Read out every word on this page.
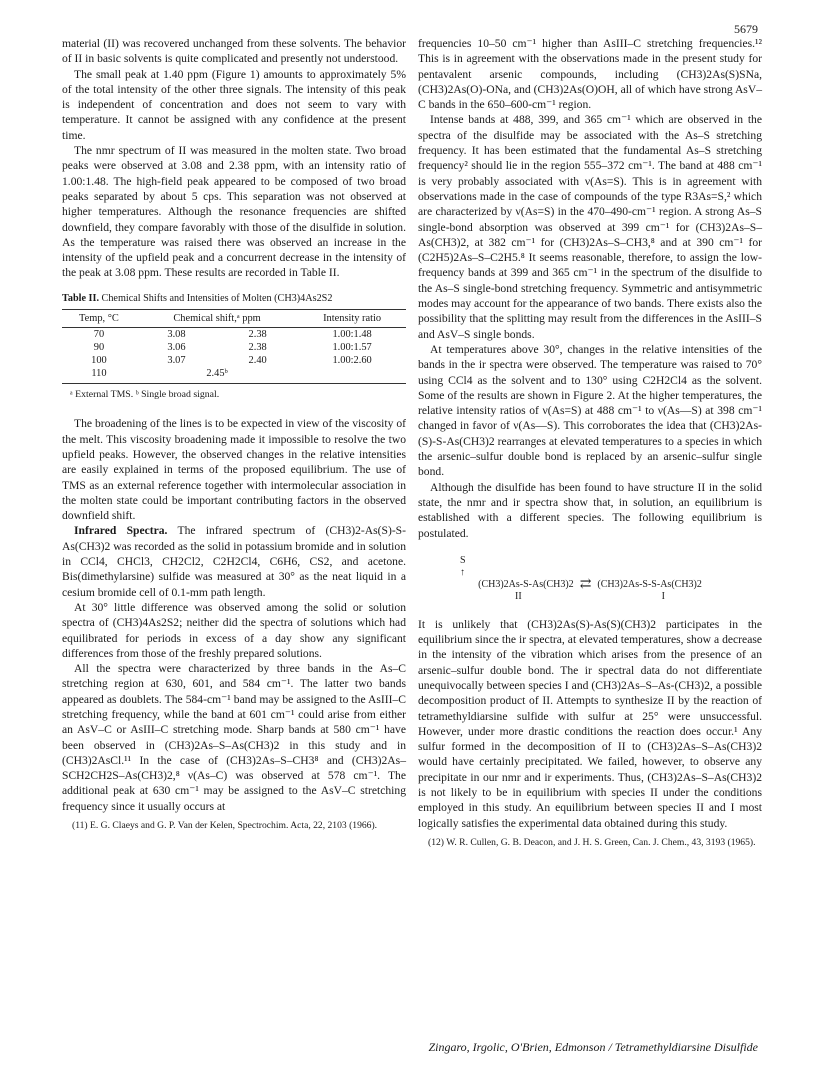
5679

material (II) was recovered unchanged from these solvents. The behavior of II in basic solvents is quite complicated and presently not understood.

The small peak at 1.40 ppm (Figure 1) amounts to approximately 5% of the total intensity of the other three signals. The intensity of this peak is independent of concentration and does not seem to vary with temperature. It cannot be assigned with any confidence at the present time.

The nmr spectrum of II was measured in the molten state. Two broad peaks were observed at 3.08 and 2.38 ppm, with an intensity ratio of 1.00:1.48. The high-field peak appeared to be composed of two broad peaks separated by about 5 cps. This separation was not observed at higher temperatures. Although the resonance frequencies are shifted downfield, they compare favorably with those of the disulfide in solution. As the temperature was raised there was observed an increase in the intensity of the upfield peak and a concurrent decrease in the intensity of the peak at 3.08 ppm. These results are recorded in Table II.

Table II. Chemical Shifts and Intensities of Molten (CH3)4As2S2
Temp, °C	Chemical shift,ᵃ ppm		Intensity ratio
70	3.08	2.38	1.00:1.48
90	3.06	2.38	1.00:1.57
100	3.07	2.40	1.00:2.60
110	2.45ᵇ		
ᵃ External TMS. ᵇ Single broad signal.

The broadening of the lines is to be expected in view of the viscosity of the melt. This viscosity broadening made it impossible to resolve the two upfield peaks. However, the observed changes in the relative intensities are easily explained in terms of the proposed equilibrium. The use of TMS as an external reference together with intermolecular association in the molten state could be important contributing factors in the observed downfield shift.

Infrared Spectra. The infrared spectrum of (CH3)2-As(S)-S-As(CH3)2 was recorded as the solid in potassium bromide and in solution in CCl4, CHCl3, CH2Cl2, C2H2Cl4, C6H6, CS2, and acetone. Bis(dimethylarsine) sulfide was measured at 30° as the neat liquid in a cesium bromide cell of 0.1-mm path length.

At 30° little difference was observed among the solid or solution spectra of (CH3)4As2S2; neither did the spectra of solutions which had equilibrated for periods in excess of a day show any significant differences from those of the freshly prepared solutions.

All the spectra were characterized by three bands in the As–C stretching region at 630, 601, and 584 cm⁻¹. The latter two bands appeared as doublets. The 584-cm⁻¹ band may be assigned to the AsIII–C stretching frequency, while the band at 601 cm⁻¹ could arise from either an AsV–C or AsIII–C stretching mode. Sharp bands at 580 cm⁻¹ have been observed in (CH3)2As–S–As(CH3)2 in this study and in (CH3)2AsCl.¹¹ In the case of (CH3)2As–S–CH3⁸ and (CH3)2As–SCH2CH2S–As(CH3)2,⁸ ν(As–C) was observed at 578 cm⁻¹. The additional peak at 630 cm⁻¹ may be assigned to the AsV–C stretching frequency since it usually occurs at

(11) E. G. Claeys and G. P. Van der Kelen, Spectrochim. Acta, 22, 2103 (1966).

frequencies 10–50 cm⁻¹ higher than AsIII–C stretching frequencies.¹² This is in agreement with the observations made in the present study for pentavalent arsenic compounds, including (CH3)2As(S)SNa, (CH3)2As(O)-ONa, and (CH3)2As(O)OH, all of which have strong AsV–C bands in the 650–600-cm⁻¹ region.

Intense bands at 488, 399, and 365 cm⁻¹ which are observed in the spectra of the disulfide may be associated with the As–S stretching frequency. It has been estimated that the fundamental As–S stretching frequency² should lie in the region 555–372 cm⁻¹. The band at 488 cm⁻¹ is very probably associated with ν(As=S). This is in agreement with observations made in the case of compounds of the type R3As=S,² which are characterized by ν(As=S) in the 470–490-cm⁻¹ region. A strong As–S single-bond absorption was observed at 399 cm⁻¹ for (CH3)2As–S–As(CH3)2, at 382 cm⁻¹ for (CH3)2As–S–CH3,⁸ and at 390 cm⁻¹ for (C2H5)2As–S–C2H5.⁸ It seems reasonable, therefore, to assign the low-frequency bands at 399 and 365 cm⁻¹ in the spectrum of the disulfide to the As–S single-bond stretching frequency. Symmetric and antisymmetric modes may account for the appearance of two bands. There exists also the possibility that the splitting may result from the differences in the AsIII–S and AsV–S single bonds.

At temperatures above 30°, changes in the relative intensities of the bands in the ir spectra were observed. The temperature was raised to 70° using CCl4 as the solvent and to 130° using C2H2Cl4 as the solvent. Some of the results are shown in Figure 2. At the higher temperatures, the relative intensity ratios of ν(As=S) at 488 cm⁻¹ to ν(As—S) at 398 cm⁻¹ changed in favor of ν(As—S). This corroborates the idea that (CH3)2As-(S)-S-As(CH3)2 rearranges at elevated temperatures to a species in which the arsenic–sulfur double bond is replaced by an arsenic–sulfur single bond.

Although the disulfide has been found to have structure II in the solid state, the nmr and ir spectra show that, in solution, an equilibrium is established with a different species. The following equilibrium is postulated.

S
↑
(CH3)2As-S-As(CH3)2 ⇄ (CH3)2As-S-S-As(CH3)2
II	I

It is unlikely that (CH3)2As(S)-As(S)(CH3)2 participates in the equilibrium since the ir spectra, at elevated temperatures, show a decrease in the intensity of the vibration which arises from the presence of an arsenic–sulfur double bond. The ir spectral data do not differentiate unequivocally between species I and (CH3)2As–S–As-(CH3)2, a possible decomposition product of II. Attempts to synthesize II by the reaction of tetramethyldiarsine sulfide with sulfur at 25° were unsuccessful. However, under more drastic conditions the reaction does occur.¹ Any sulfur formed in the decomposition of II to (CH3)2As–S–As(CH3)2 would have certainly precipitated. We failed, however, to observe any precipitate in our nmr and ir experiments. Thus, (CH3)2As–S–As(CH3)2 is not likely to be in equilibrium with species II under the conditions employed in this study. An equilibrium between species II and I most logically satisfies the experimental data obtained during this study.

(12) W. R. Cullen, G. B. Deacon, and J. H. S. Green, Can. J. Chem., 43, 3193 (1965).
Zingaro, Irgolic, O'Brien, Edmonson / Tetramethyldiarsine Disulfide
